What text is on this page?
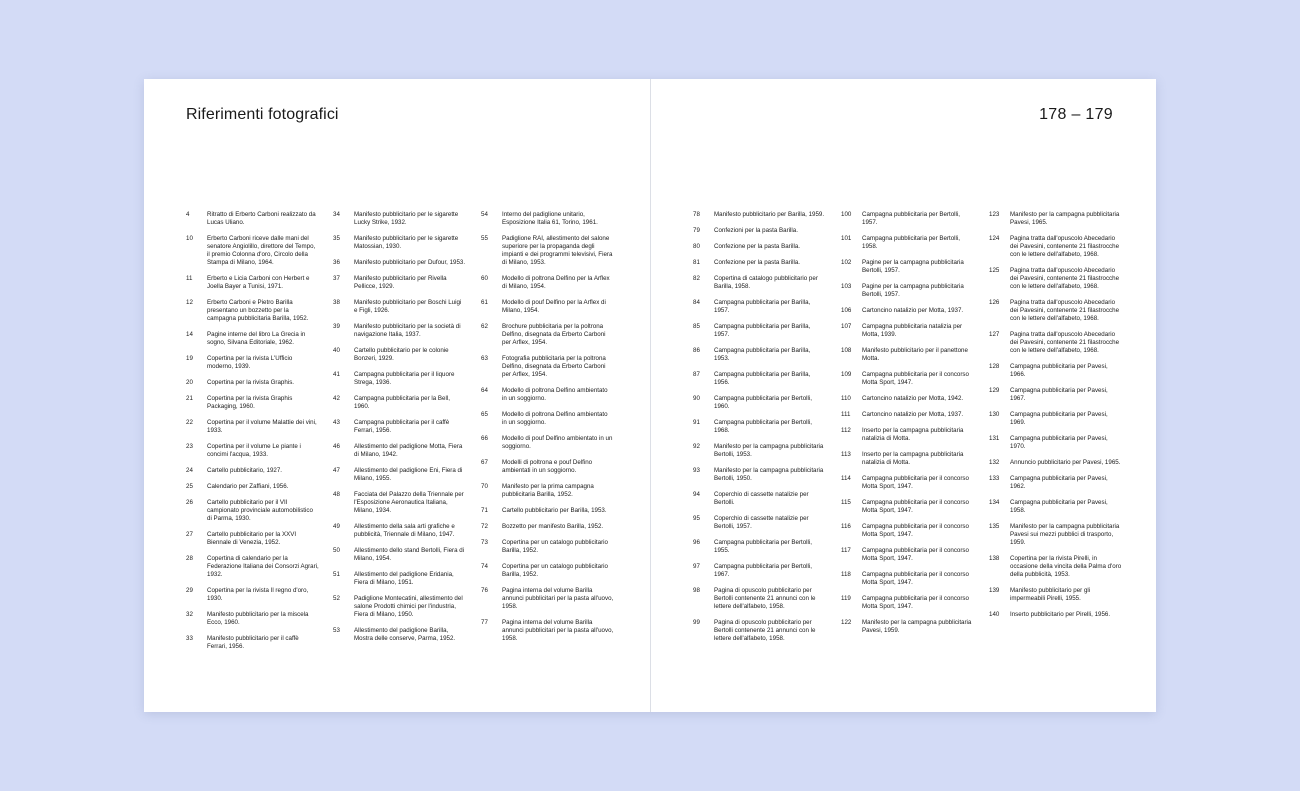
Riferimenti fotografici
4	Ritratto di Erberto Carboni realizzato da Lucas Uliano.
10	Erberto Carboni riceve dalle mani del senatore Angiolillo, direttore del Tempo, il premio Colonna d'oro, Circolo della Stampa di Milano, 1964.
11	Erberto e Licia Carboni con Herbert e Joella Bayer a Tunisi, 1971.
12	Erberto Carboni e Pietro Barilla presentano un bozzetto per la campagna pubblicitaria Barilla, 1952.
14	Pagine interne del libro La Grecia in sogno, Silvana Editoriale, 1962.
19	Copertina per la rivista L'Ufficio moderno, 1939.
20	Copertina per la rivista Graphis.
21	Copertina per la rivista Graphis Packaging, 1960.
22	Copertina per il volume Malattie dei vini, 1933.
23	Copertina per il volume Le piante i concimi l'acqua, 1933.
24	Cartello pubblicitario, 1927.
25	Calendario per Zaffiani, 1956.
26	Cartello pubblicitario per il VII campionato provinciale automobilistico di Parma, 1930.
27	Cartello pubblicitario per la XXVI Biennale di Venezia, 1952.
28	Copertina di calendario per la Federazione Italiana dei Consorzi Agrari, 1932.
29	Copertina per la rivista Il regno d'oro, 1930.
32	Manifesto pubblicitario per la miscela Ecco, 1960.
33	Manifesto pubblicitario per il caffè Ferrari, 1956.
34	Manifesto pubblicitario per le sigarette Lucky Strike, 1932.
35	Manifesto pubblicitario per le sigarette Matossian, 1930.
36	Manifesto pubblicitario per Dufour, 1953.
37	Manifesto pubblicitario per Rivella Pellicce, 1929.
38	Manifesto pubblicitario per Boschi Luigi e Figli, 1926.
39	Manifesto pubblicitario per la società di navigazione Italia, 1937.
40	Cartello pubblicitario per le colonie Bonzeri, 1929.
41	Campagna pubblicitaria per il liquore Strega, 1936.
42	Campagna pubblicitaria per la Bell, 1960.
43	Campagna pubblicitaria per il caffè Ferrari, 1956.
46	Allestimento del padiglione Motta, Fiera di Milano, 1942.
47	Allestimento del padiglione Eni, Fiera di Milano, 1955.
48	Facciata del Palazzo della Triennale per l'Esposizione Aeronautica Italiana, Milano, 1934.
49	Allestimento della sala arti grafiche e pubblicità, Triennale di Milano, 1947.
50	Allestimento dello stand Bertolli, Fiera di Milano, 1954.
51	Allestimento del padiglione Eridania, Fiera di Milano, 1951.
52	Padiglione Montecatini, allestimento del salone Prodotti chimici per l'industria, Fiera di Milano, 1950.
53	Allestimento del padiglione Barilla, Mostra delle conserve, Parma, 1952.
54	Interno del padiglione unitario, Esposizione Italia 61, Torino, 1961.
55	Padiglione RAI, allestimento del salone superiore per la propaganda degli impianti e dei programmi televisivi, Fiera di Milano, 1953.
60	Modello di poltrona Delfino per la Arflex di Milano, 1954.
61	Modello di pouf Delfino per la Arflex di Milano, 1954.
62	Brochure pubblicitaria per la poltrona Delfino, disegnata da Erberto Carboni per Arflex, 1954.
63	Fotografia pubblicitaria per la poltrona Delfino, disegnata da Erberto Carboni per Arflex, 1954.
64	Modello di poltrona Delfino ambientato in un soggiorno.
65	Modello di poltrona Delfino ambientato in un soggiorno.
66	Modello di pouf Delfino ambientato in un soggiorno.
67	Modelli di poltrona e pouf Delfino ambientati in un soggiorno.
70	Manifesto per la prima campagna pubblicitaria Barilla, 1952.
71	Cartello pubblicitario per Barilla, 1953.
72	Bozzetto per manifesto Barilla, 1952.
73	Copertina per un catalogo pubblicitario Barilla, 1952.
74	Copertina per un catalogo pubblicitario Barilla, 1952.
76	Pagina interna del volume Barilla annunci pubblicitari per la pasta all'uovo, 1958.
77	Pagina interna del volume Barilla annunci pubblicitari per la pasta all'uovo, 1958.
178 – 179
78	Manifesto pubblicitario per Barilla, 1959.
79	Confezioni per la pasta Barilla.
80	Confezione per la pasta Barilla.
81	Confezione per la pasta Barilla.
82	Copertina di catalogo pubblicitario per Barilla, 1958.
84	Campagna pubblicitaria per Barilla, 1957.
85	Campagna pubblicitaria per Barilla, 1957.
86	Campagna pubblicitaria per Barilla, 1953.
87	Campagna pubblicitaria per Barilla, 1956.
90	Campagna pubblicitaria per Bertolli, 1960.
91	Campagna pubblicitaria per Bertolli, 1968.
92	Manifesto per la campagna pubblicitaria Bertolli, 1953.
93	Manifesto per la campagna pubblicitaria Bertolli, 1950.
94	Coperchio di cassette natalizie per Bertolli.
95	Coperchio di cassette natalizie per Bertolli, 1957.
96	Campagna pubblicitaria per Bertolli, 1955.
97	Campagna pubblicitaria per Bertolli, 1967.
98	Pagina di opuscolo pubblicitario per Bertolli contenente 21 annunci con le lettere dell'alfabeto, 1958.
99	Pagina di opuscolo pubblicitario per Bertolli contenente 21 annunci con le lettere dell'alfabeto, 1958.
100	Campagna pubblicitaria per Bertolli, 1957.
101	Campagna pubblicitaria per Bertolli, 1958.
102	Pagine per la campagna pubblicitaria Bertolli, 1957.
103	Pagine per la campagna pubblicitaria Bertolli, 1957.
106	Cartoncino natalizio per Motta, 1937.
107	Campagna pubblicitaria natalizia per Motta, 1939.
108	Manifesto pubblicitario per il panettone Motta.
109	Campagna pubblicitaria per il concorso Motta Sport, 1947.
110	Cartoncino natalizio per Motta, 1942.
111	Cartoncino natalizio per Motta, 1937.
112	Inserto per la campagna pubblicitaria natalizia di Motta.
113	Inserto per la campagna pubblicitaria natalizia di Motta.
114	Campagna pubblicitaria per il concorso Motta Sport, 1947.
115	Campagna pubblicitaria per il concorso Motta Sport, 1947.
116	Campagna pubblicitaria per il concorso Motta Sport, 1947.
117	Campagna pubblicitaria per il concorso Motta Sport, 1947.
118	Campagna pubblicitaria per il concorso Motta Sport, 1947.
119	Campagna pubblicitaria per il concorso Motta Sport, 1947.
122	Manifesto per la campagna pubblicitaria Pavesi, 1959.
123	Manifesto per la campagna pubblicitaria Pavesi, 1965.
124	Pagina tratta dall'opuscolo Abecedario dei Pavesini, contenente 21 filastrocche con le lettere dell'alfabeto, 1968.
125	Pagina tratta dall'opuscolo Abecedario dei Pavesini, contenente 21 filastrocche con le lettere dell'alfabeto, 1968.
126	Pagina tratta dall'opuscolo Abecedario dei Pavesini, contenente 21 filastrocche con le lettere dell'alfabeto, 1968.
127	Pagina tratta dall'opuscolo Abecedario dei Pavesini, contenente 21 filastrocche con le lettere dell'alfabeto, 1968.
128	Campagna pubblicitaria per Pavesi, 1966.
129	Campagna pubblicitaria per Pavesi, 1967.
130	Campagna pubblicitaria per Pavesi, 1969.
131	Campagna pubblicitaria per Pavesi, 1970.
132	Annuncio pubblicitario per Pavesi, 1965.
133	Campagna pubblicitaria per Pavesi, 1962.
134	Campagna pubblicitaria per Pavesi, 1958.
135	Manifesto per la campagna pubblicitaria Pavesi sui mezzi pubblici di trasporto, 1959.
138	Copertina per la rivista Pirelli, in occasione della vincita della Palma d'oro della pubblicità, 1953.
139	Manifesto pubblicitario per gli impermeabili Pirelli, 1955.
140	Inserto pubblicitario per Pirelli, 1956.
